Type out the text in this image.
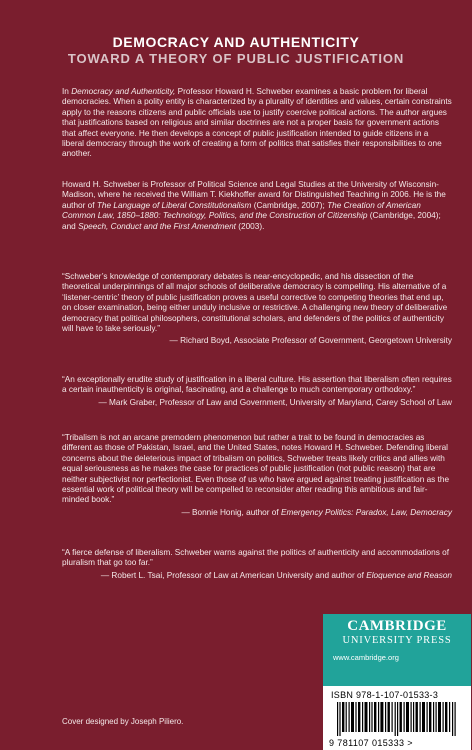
DEMOCRACY AND AUTHENTICITY
TOWARD A THEORY OF PUBLIC JUSTIFICATION

In Democracy and Authenticity, Professor Howard H. Schweber examines a basic problem for liberal democracies. When a polity entity is characterized by a plurality of identities and values, certain constraints apply to the reasons citizens and public officials use to justify coercive political actions. The author argues that justifications based on religious and similar doctrines are not a proper basis for government actions that affect everyone. He then develops a concept of public justification intended to guide citizens in a liberal democracy through the work of creating a form of politics that satisfies their responsibilities to one another.

Howard H. Schweber is Professor of Political Science and Legal Studies at the University of Wisconsin-Madison, where he received the William T. Kiekhoffer award for Distinguished Teaching in 2006. He is the author of The Language of Liberal Constitutionalism (Cambridge, 2007); The Creation of American Common Law, 1850–1880: Technology, Politics, and the Construction of Citizenship (Cambridge, 2004); and Speech, Conduct and the First Amendment (2003).

“Schweber’s knowledge of contemporary debates is near-encyclopedic, and his dissection of the theoretical underpinnings of all major schools of deliberative democracy is compelling. His alternative of a ‘listener-centric’ theory of public justification proves a useful corrective to competing theories that end up, on closer examination, being either unduly inclusive or restrictive. A challenging new theory of deliberative democracy that political philosophers, constitutional scholars, and defenders of the politics of authenticity will have to take seriously.”

— Richard Boyd, Associate Professor of Government, Georgetown University

“An exceptionally erudite study of justification in a liberal culture. His assertion that liberalism often requires a certain inauthenticity is original, fascinating, and a challenge to much contemporary orthodoxy.”

— Mark Graber, Professor of Law and Government, University of Maryland, Carey School of Law

“Tribalism is not an arcane premodern phenomenon but rather a trait to be found in democracies as different as those of Pakistan, Israel, and the United States, notes Howard H. Schweber. Defending liberal concerns about the deleterious impact of tribalism on politics, Schweber treats likely critics and allies with equal seriousness as he makes the case for practices of public justification (not public reason) that are neither subjectivist nor perfectionist. Even those of us who have argued against treating justification as the essential work of political theory will be compelled to reconsider after reading this ambitious and fair-minded book.”

— Bonnie Honig, author of Emergency Politics: Paradox, Law, Democracy

“A fierce defense of liberalism. Schweber warns against the politics of authenticity and accommodations of pluralism that go too far.”

— Robert L. Tsai, Professor of Law at American University and author of Eloquence and Reason

CAMBRIDGE
UNIVERSITY PRESS
www.cambridge.org
ISBN 978-1-107-01533-3
9 781107 015333 >
Cover designed by Joseph Piliero.
